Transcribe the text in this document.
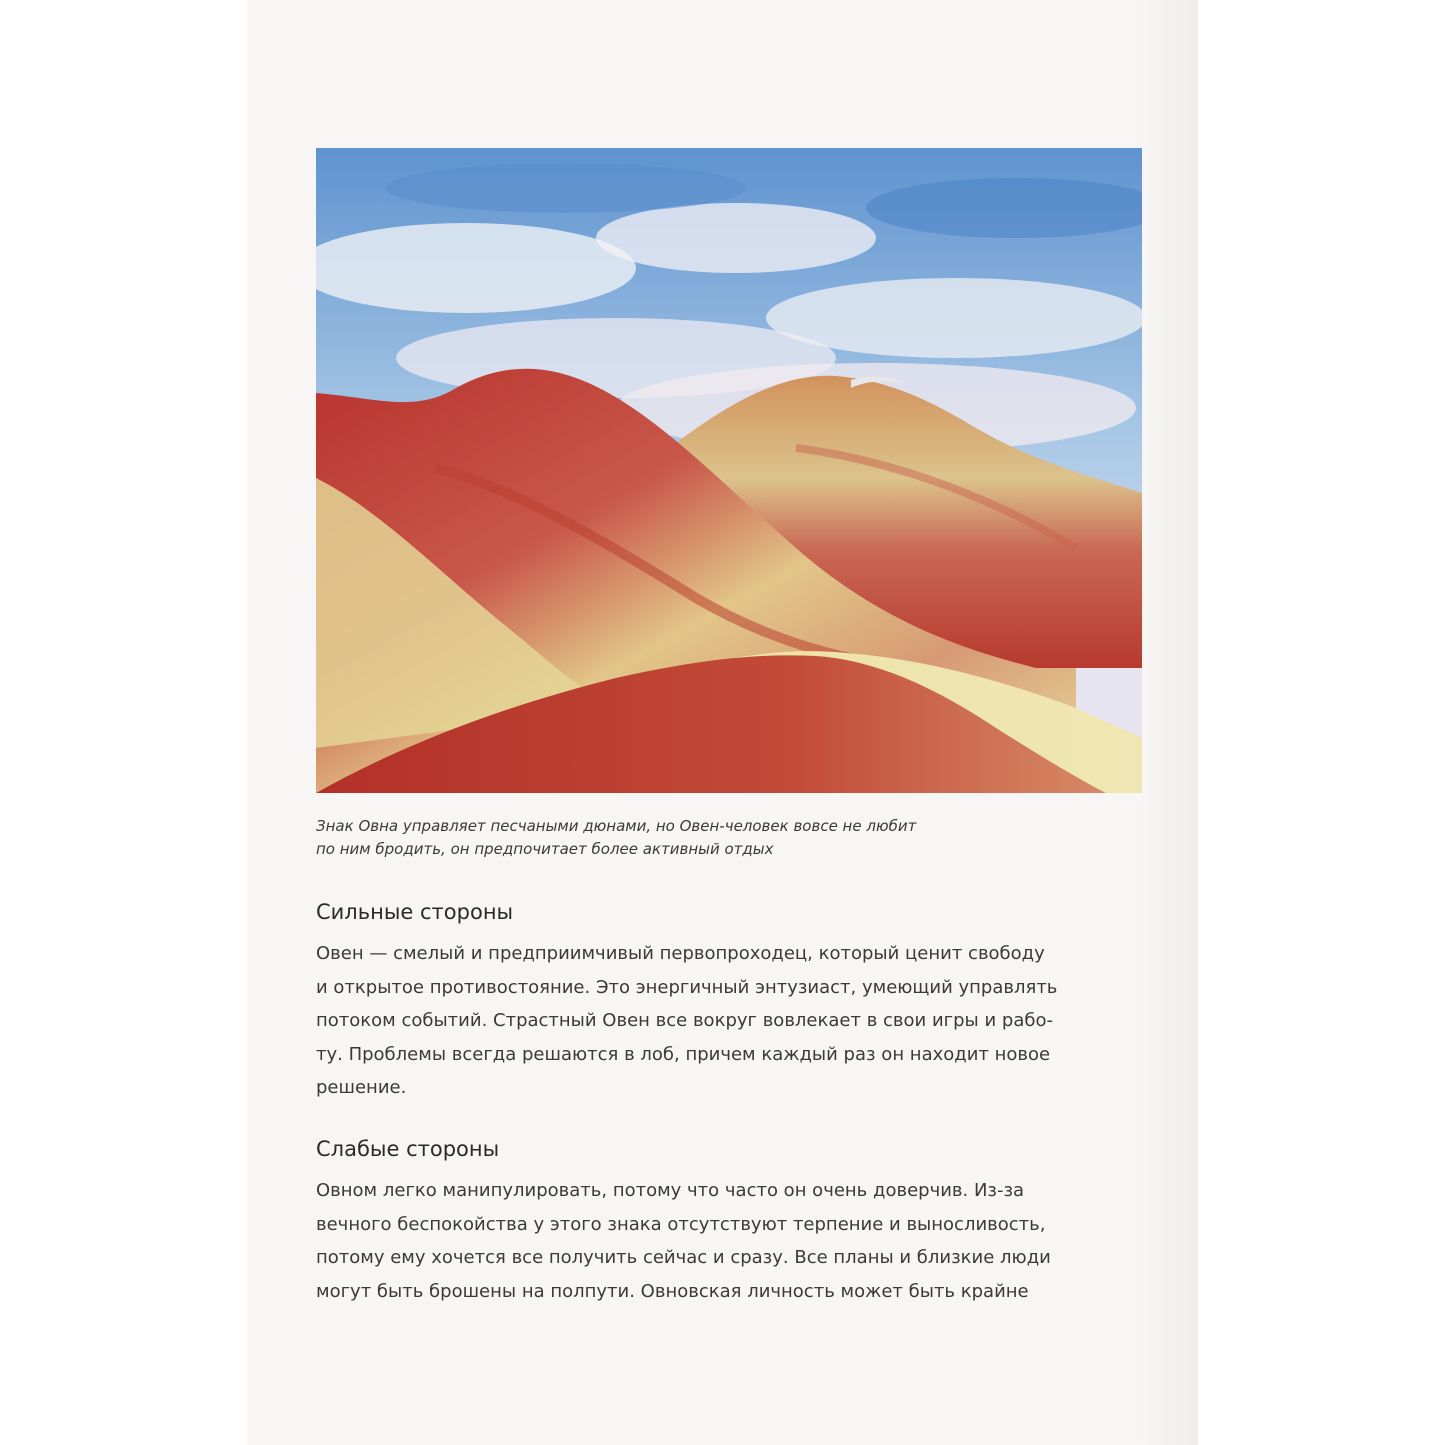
Знак Овна управляет песчаными дюнами, но Овен-человек вовсе не любит
по ним бродить, он предпочитает более активный отдых
Сильные стороны
Овен — смелый и предприимчивый первопроходец, который ценит свободу
и открытое противостояние. Это энергичный энтузиаст, умеющий управлять
потоком событий. Страстный Овен все вокруг вовлекает в свои игры и рабо-
ту. Проблемы всегда решаются в лоб, причем каждый раз он находит новое
решение.
Слабые стороны
Овном легко манипулировать, потому что часто он очень доверчив. Из-за
вечного беспокойства у этого знака отсутствуют терпение и выносливость,
потому ему хочется все получить сейчас и сразу. Все планы и близкие люди
могут быть брошены на полпути. Овновская личность может быть крайне
